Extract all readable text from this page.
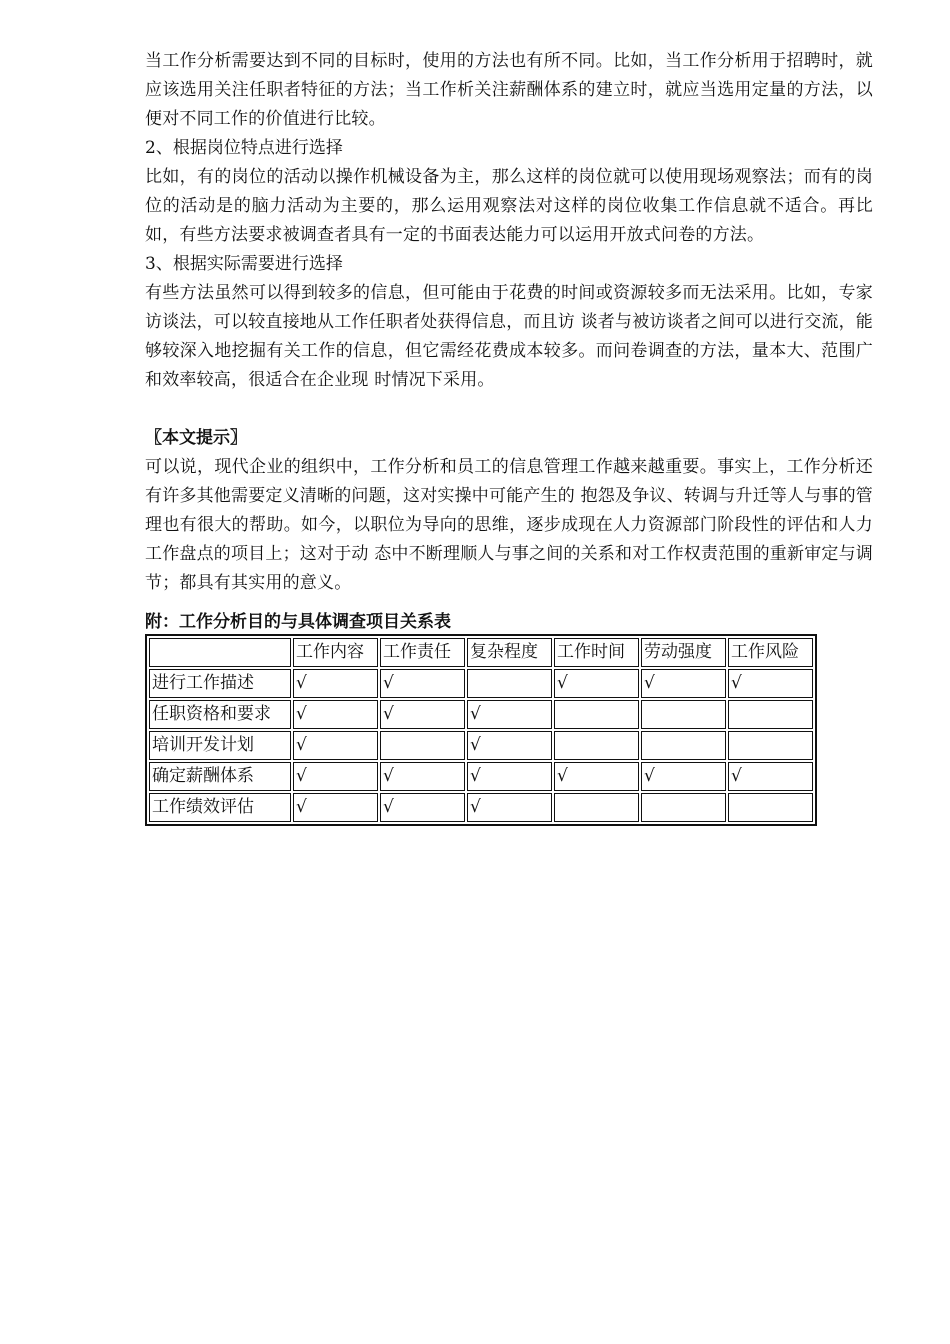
当工作分析需要达到不同的目标时，使用的方法也有所不同。比如，当工作分析用于招聘时，就应该选用关注任职者特征的方法；当工作析关注薪酬体系的建立时，就应当选用定量的方法，以便对不同工作的价值进行比较。

2、根据岗位特点进行选择

比如，有的岗位的活动以操作机械设备为主，那么这样的岗位就可以使用现场观察法；而有的岗位的活动是的脑力活动为主要的，那么运用观察法对这样的岗位收集工作信息就不适合。再比如，有些方法要求被调查者具有一定的书面表达能力可以运用开放式问卷的方法。

3、根据实际需要进行选择

有些方法虽然可以得到较多的信息，但可能由于花费的时间或资源较多而无法采用。比如，专家访谈法，可以较直接地从工作任职者处获得信息，而且访 谈者与被访谈者之间可以进行交流，能够较深入地挖掘有关工作的信息，但它需经花费成本较多。而问卷调查的方法，量本大、范围广和效率较高，很适合在企业现 时情况下采用。

〖本文提示〗

可以说，现代企业的组织中，工作分析和员工的信息管理工作越来越重要。事实上，工作分析还有许多其他需要定义清晰的问题，这对实操中可能产生的 抱怨及争议、转调与升迁等人与事的管理也有很大的帮助。如今，以职位为导向的思维，逐步成现在人力资源部门阶段性的评估和人力工作盘点的项目上；这对于动 态中不断理顺人与事之间的关系和对工作权责范围的重新审定与调节；都具有其实用的意义。

附：工作分析目的与具体调查项目关系表

	工作内容	工作责任	复杂程度	工作时间	劳动强度	工作风险
进行工作描述	√	√		√	√	√
任职资格和要求	√	√	√			
培训开发计划	√		√			
确定薪酬体系	√	√	√	√	√	√
工作绩效评估	√	√	√			
